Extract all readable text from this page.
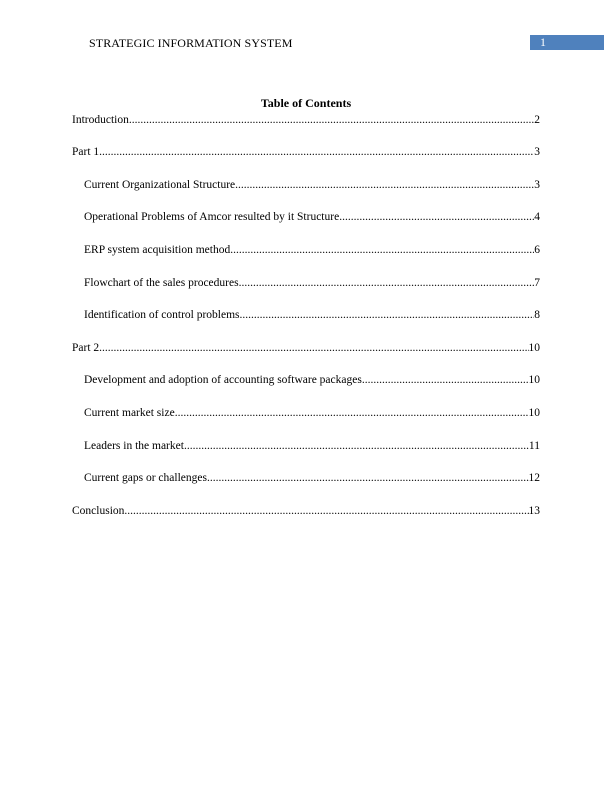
STRATEGIC INFORMATION SYSTEM	1
Table of Contents
Introduction .....	2
Part 1 .....	3
Current Organizational Structure .....	3
Operational Problems of Amcor resulted by it Structure .....	4
ERP system acquisition method .....	6
Flowchart of the sales procedures .....	7
Identification of control problems .....	8
Part 2 .....	10
Development and adoption of accounting software packages .....	10
Current market size .....	10
Leaders in the market .....	11
Current gaps or challenges .....	12
Conclusion .....	13
